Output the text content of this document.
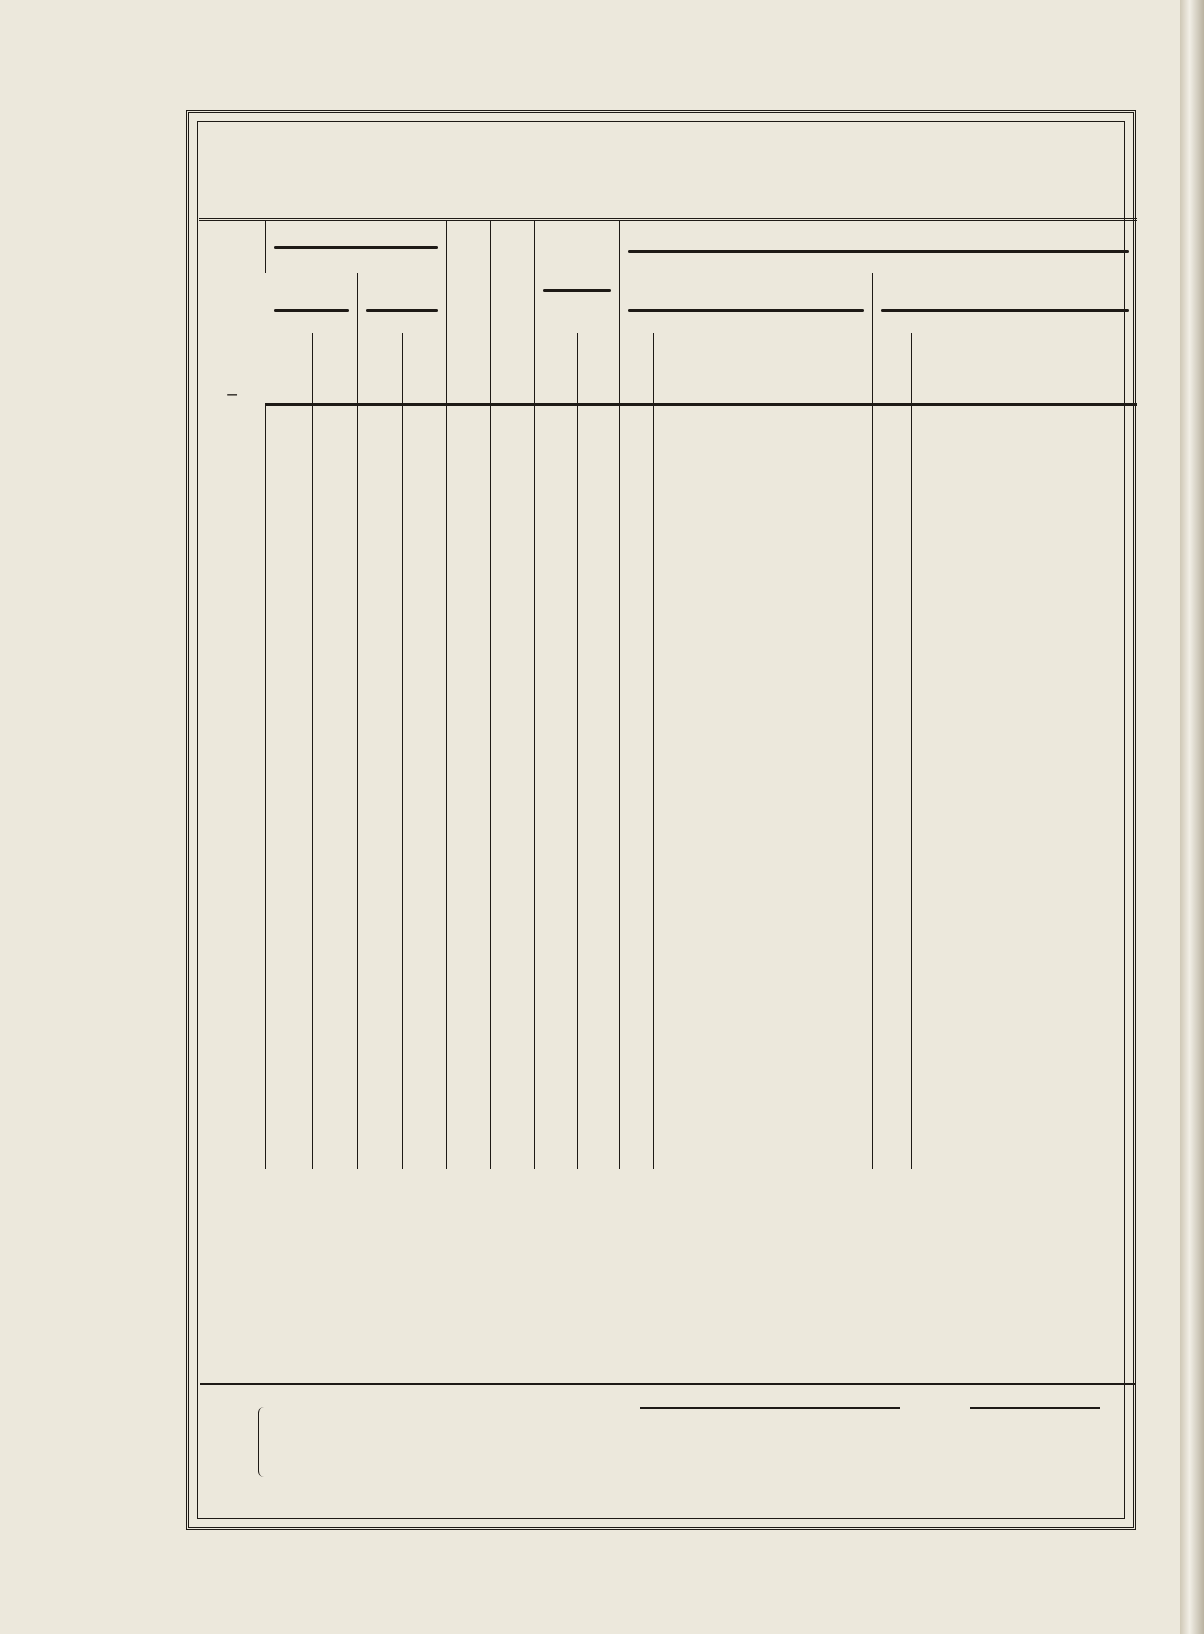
—							
